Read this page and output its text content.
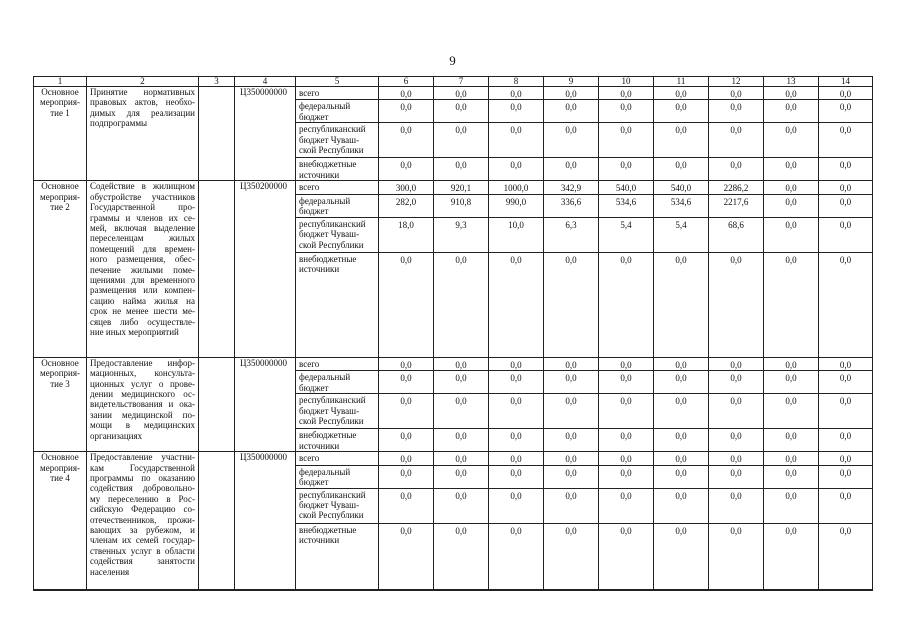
9
1	2	3	4	5	6	7	8	9	10	11	12	13	14
Основное мероприя-тие 1	Принятие нормативных правовых актов, необхо-димых для реализации подпрограммы		Ц350000000	всего	0,0	0,0	0,0	0,0	0,0	0,0	0,0	0,0	0,0
				федеральный бюджет	0,0	0,0	0,0	0,0	0,0	0,0	0,0	0,0	0,0
				республиканский бюджет Чуваш-ской Республики	0,0	0,0	0,0	0,0	0,0	0,0	0,0	0,0	0,0
				внебюджетные источники	0,0	0,0	0,0	0,0	0,0	0,0	0,0	0,0	0,0
Основное мероприя-тие 2	Содействие в жилищном обустройстве участников Государственной про-граммы и членов их се-мей, включая выделение переселенцам жилых помещений для времен-ного размещения, обес-печение жилыми поме-щениями для временного размещения или компен-сацию найма жилья на срок не менее шести ме-сяцев либо осуществле-ние иных мероприятий		Ц350200000	всего	300,0	920,1	1000,0	342,9	540,0	540,0	2286,2	0,0	0,0
				федеральный бюджет	282,0	910,8	990,0	336,6	534,6	534,6	2217,6	0,0	0,0
				республиканский бюджет Чуваш-ской Республики	18,0	9,3	10,0	6,3	5,4	5,4	68,6	0,0	0,0
				внебюджетные источники	0,0	0,0	0,0	0,0	0,0	0,0	0,0	0,0	0,0
Основное мероприя-тие 3	Предоставление инфор-мационных, консульта-ционных услуг о прове-дении медицинского ос-видетельствования и ока-зании медицинской по-мощи в медицинских организациях		Ц350000000	всего	0,0	0,0	0,0	0,0	0,0	0,0	0,0	0,0	0,0
				федеральный бюджет	0,0	0,0	0,0	0,0	0,0	0,0	0,0	0,0	0,0
				республиканский бюджет Чуваш-ской Республики	0,0	0,0	0,0	0,0	0,0	0,0	0,0	0,0	0,0
				внебюджетные источники	0,0	0,0	0,0	0,0	0,0	0,0	0,0	0,0	0,0
Основное мероприя-тие 4	Предоставление участни-кам Государственной программы по оказанию содействия добровольно-му переселению в Рос-сийскую Федерацию со-отечественников, прожи-вающих за рубежом, и членам их семей государ-ственных услуг в области содействия занятости населения		Ц350000000	всего	0,0	0,0	0,0	0,0	0,0	0,0	0,0	0,0	0,0
				федеральный бюджет	0,0	0,0	0,0	0,0	0,0	0,0	0,0	0,0	0,0
				республиканский бюджет Чуваш-ской Республики	0,0	0,0	0,0	0,0	0,0	0,0	0,0	0,0	0,0
				внебюджетные источники	0,0	0,0	0,0	0,0	0,0	0,0	0,0	0,0	0,0
